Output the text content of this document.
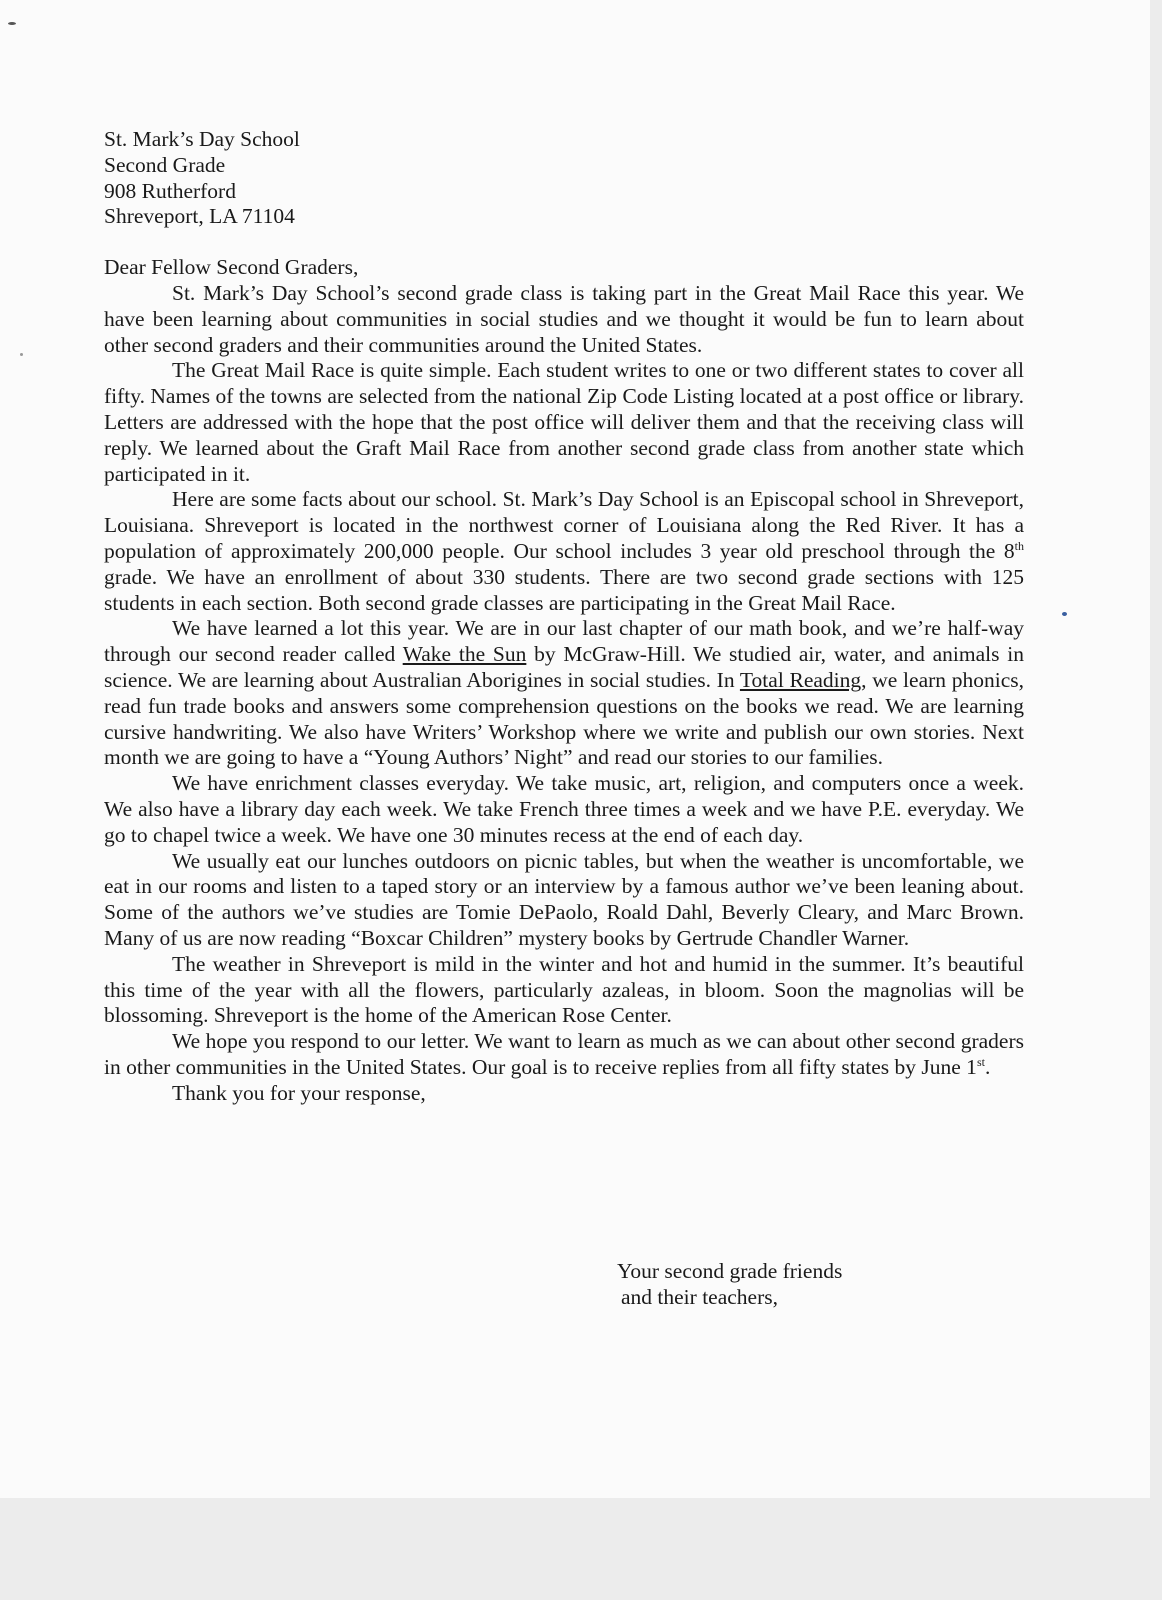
St. Mark’s Day School
Second Grade
908 Rutherford
Shreveport, LA 71104
Dear Fellow Second Graders,

St. Mark’s Day School’s second grade class is taking part in the Great Mail Race this year. We have been learning about communities in social studies and we thought it would be fun to learn about other second graders and their communities around the United States.

The Great Mail Race is quite simple. Each student writes to one or two different states to cover all fifty. Names of the towns are selected from the national Zip Code Listing located at a post office or library. Letters are addressed with the hope that the post office will deliver them and that the receiving class will reply. We learned about the Graft Mail Race from another second grade class from another state which participated in it.

Here are some facts about our school. St. Mark’s Day School is an Episcopal school in Shreveport, Louisiana. Shreveport is located in the northwest corner of Louisiana along the Red River. It has a population of approximately 200,000 people. Our school includes 3 year old preschool through the 8th grade. We have an enrollment of about 330 students. There are two second grade sections with 125 students in each section. Both second grade classes are participating in the Great Mail Race.

We have learned a lot this year. We are in our last chapter of our math book, and we’re half-way through our second reader called Wake the Sun by McGraw-Hill. We studied air, water, and animals in science. We are learning about Australian Aborigines in social studies. In Total Reading, we learn phonics, read fun trade books and answers some comprehension questions on the books we read. We are learning cursive handwriting. We also have Writers’ Workshop where we write and publish our own stories. Next month we are going to have a “Young Authors’ Night” and read our stories to our families.

We have enrichment classes everyday. We take music, art, religion, and computers once a week. We also have a library day each week. We take French three times a week and we have P.E. everyday. We go to chapel twice a week. We have one 30 minutes recess at the end of each day.

We usually eat our lunches outdoors on picnic tables, but when the weather is uncomfortable, we eat in our rooms and listen to a taped story or an interview by a famous author we’ve been leaning about. Some of the authors we’ve studies are Tomie DePaolo, Roald Dahl, Beverly Cleary, and Marc Brown. Many of us are now reading “Boxcar Children” mystery books by Gertrude Chandler Warner.

The weather in Shreveport is mild in the winter and hot and humid in the summer. It’s beautiful this time of the year with all the flowers, particularly azaleas, in bloom. Soon the magnolias will be blossoming. Shreveport is the home of the American Rose Center.

We hope you respond to our letter. We want to learn as much as we can about other second graders in other communities in the United States. Our goal is to receive replies from all fifty states by June 1st.

Thank you for your response,
Your second grade friends
and their teachers,
